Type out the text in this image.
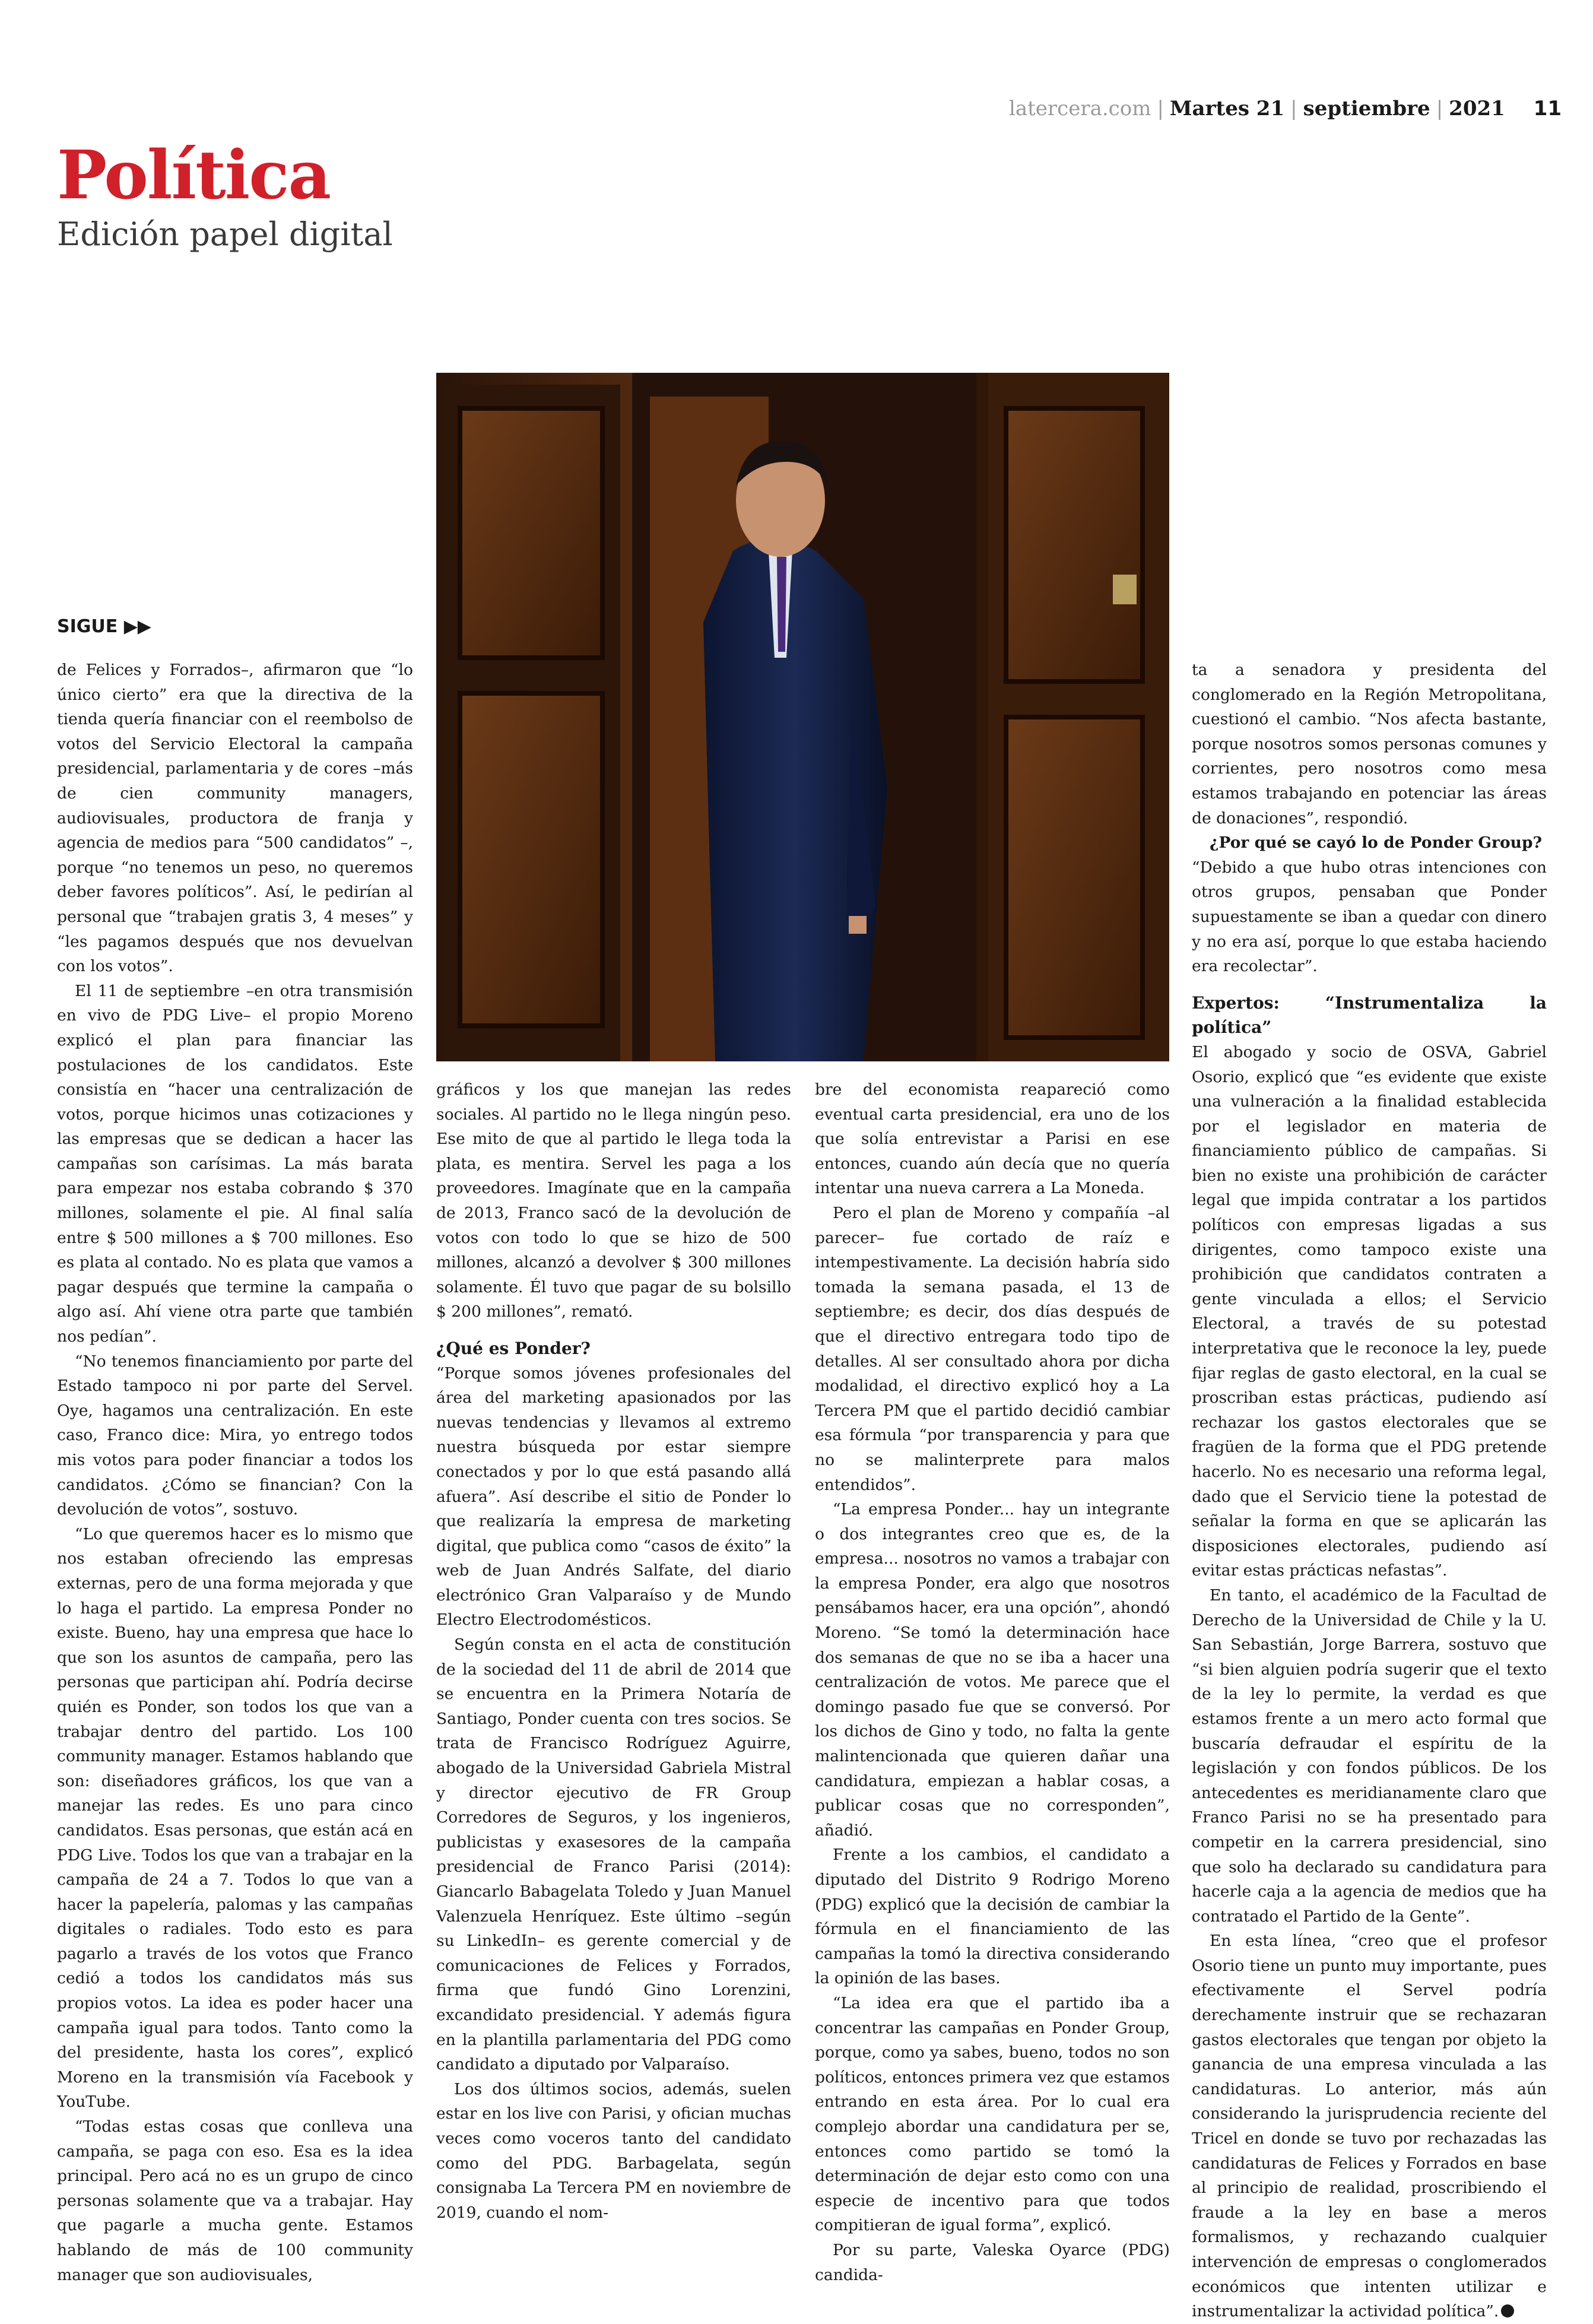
latercera.com | Martes 21 | septiembre | 2021 11
Política
Edición papel digital
SIGUE ▶▶

de Felices y Forrados–, afirmaron que “lo único cierto” era que la directiva de la tienda quería financiar con el reembolso de votos del Servicio Electoral la campaña presidencial, parlamentaria y de cores –más de cien community managers, audiovisuales, productora de franja y agencia de medios para “500 candidatos” –, porque “no tenemos un peso, no queremos deber favores políticos”. Así, le pedirían al personal que “trabajen gratis 3, 4 meses” y “les pagamos después que nos devuelvan con los votos”.

El 11 de septiembre –en otra transmisión en vivo de PDG Live– el propio Moreno explicó el plan para financiar las postulaciones de los candidatos. Este consistía en “hacer una centralización de votos, porque hicimos unas cotizaciones y las empresas que se dedican a hacer las campañas son carísimas. La más barata para empezar nos estaba cobrando $ 370 millones, solamente el pie. Al final salía entre $ 500 millones a $ 700 millones. Eso es plata al contado. No es plata que vamos a pagar después que termine la campaña o algo así. Ahí viene otra parte que también nos pedían”.

“No tenemos financiamiento por parte del Estado tampoco ni por parte del Servel. Oye, hagamos una centralización. En este caso, Franco dice: Mira, yo entrego todos mis votos para poder financiar a todos los candidatos. ¿Cómo se financian? Con la devolución de votos”, sostuvo.

“Lo que queremos hacer es lo mismo que nos estaban ofreciendo las empresas externas, pero de una forma mejorada y que lo haga el partido. La empresa Ponder no existe. Bueno, hay una empresa que hace lo que son los asuntos de campaña, pero las personas que participan ahí. Podría decirse quién es Ponder, son todos los que van a trabajar dentro del partido. Los 100 community manager. Estamos hablando que son: diseñadores gráficos, los que van a manejar las redes. Es uno para cinco candidatos. Esas personas, que están acá en PDG Live. Todos los que van a trabajar en la campaña de 24 a 7. Todos lo que van a hacer la papelería, palomas y las campañas digitales o radiales. Todo esto es para pagarlo a través de los votos que Franco cedió a todos los candidatos más sus propios votos. La idea es poder hacer una campaña igual para todos. Tanto como la del presidente, hasta los cores”, explicó Moreno en la transmisión vía Facebook y YouTube.

“Todas estas cosas que conlleva una campaña, se paga con eso. Esa es la idea principal. Pero acá no es un grupo de cinco personas solamente que va a trabajar. Hay que pagarle a mucha gente. Estamos hablando de más de 100 community manager que son audiovisuales,

gráficos y los que manejan las redes sociales. Al partido no le llega ningún peso. Ese mito de que al partido le llega toda la plata, es mentira. Servel les paga a los proveedores. Imagínate que en la campaña de 2013, Franco sacó de la devolución de votos con todo lo que se hizo de 500 millones, alcanzó a devolver $ 300 millones solamente. Él tuvo que pagar de su bolsillo $ 200 millones”, remató.

¿Qué es Ponder?

“Porque somos jóvenes profesionales del área del marketing apasionados por las nuevas tendencias y llevamos al extremo nuestra búsqueda por estar siempre conectados y por lo que está pasando allá afuera”. Así describe el sitio de Ponder lo que realizaría la empresa de marketing digital, que publica como “casos de éxito” la web de Juan Andrés Salfate, del diario electrónico Gran Valparaíso y de Mundo Electro Electrodomésticos.

Según consta en el acta de constitución de la sociedad del 11 de abril de 2014 que se encuentra en la Primera Notaría de Santiago, Ponder cuenta con tres socios. Se trata de Francisco Rodríguez Aguirre, abogado de la Universidad Gabriela Mistral y director ejecutivo de FR Group Corredores de Seguros, y los ingenieros, publicistas y exasesores de la campaña presidencial de Franco Parisi (2014): Giancarlo Babagelata Toledo y Juan Manuel Valenzuela Henríquez. Este último –según su LinkedIn– es gerente comercial y de comunicaciones de Felices y Forrados, firma que fundó Gino Lorenzini, excandidato presidencial. Y además figura en la plantilla parlamentaria del PDG como candidato a diputado por Valparaíso.

Los dos últimos socios, además, suelen estar en los live con Parisi, y ofician muchas veces como voceros tanto del candidato como del PDG. Barbagelata, según consignaba La Tercera PM en noviembre de 2019, cuando el nom-

bre del economista reapareció como eventual carta presidencial, era uno de los que solía entrevistar a Parisi en ese entonces, cuando aún decía que no quería intentar una nueva carrera a La Moneda.

Pero el plan de Moreno y compañía –al parecer– fue cortado de raíz e intempestivamente. La decisión habría sido tomada la semana pasada, el 13 de septiembre; es decir, dos días después de que el directivo entregara todo tipo de detalles. Al ser consultado ahora por dicha modalidad, el directivo explicó hoy a La Tercera PM que el partido decidió cambiar esa fórmula “por transparencia y para que no se malinterprete para malos entendidos”.

“La empresa Ponder... hay un integrante o dos integrantes creo que es, de la empresa... nosotros no vamos a trabajar con la empresa Ponder, era algo que nosotros pensábamos hacer, era una opción”, ahondó Moreno. “Se tomó la determinación hace dos semanas de que no se iba a hacer una centralización de votos. Me parece que el domingo pasado fue que se conversó. Por los dichos de Gino y todo, no falta la gente malintencionada que quieren dañar una candidatura, empiezan a hablar cosas, a publicar cosas que no corresponden”, añadió.

Frente a los cambios, el candidato a diputado del Distrito 9 Rodrigo Moreno (PDG) explicó que la decisión de cambiar la fórmula en el financiamiento de las campañas la tomó la directiva considerando la opinión de las bases.

“La idea era que el partido iba a concentrar las campañas en Ponder Group, porque, como ya sabes, bueno, todos no son políticos, entonces primera vez que estamos entrando en esta área. Por lo cual era complejo abordar una candidatura per se, entonces como partido se tomó la determinación de dejar esto como con una especie de incentivo para que todos compitieran de igual forma”, explicó.

Por su parte, Valeska Oyarce (PDG) candida-

ta a senadora y presidenta del conglomerado en la Región Metropolitana, cuestionó el cambio. “Nos afecta bastante, porque nosotros somos personas comunes y corrientes, pero nosotros como mesa estamos trabajando en potenciar las áreas de donaciones”, respondió.

¿Por qué se cayó lo de Ponder Group?

“Debido a que hubo otras intenciones con otros grupos, pensaban que Ponder supuestamente se iban a quedar con dinero y no era así, porque lo que estaba haciendo era recolectar”.

Expertos: “Instrumentaliza la política”

El abogado y socio de OSVA, Gabriel Osorio, explicó que “es evidente que existe una vulneración a la finalidad establecida por el legislador en materia de financiamiento público de campañas. Si bien no existe una prohibición de carácter legal que impida contratar a los partidos políticos con empresas ligadas a sus dirigentes, como tampoco existe una prohibición que candidatos contraten a gente vinculada a ellos; el Servicio Electoral, a través de su potestad interpretativa que le reconoce la ley, puede fijar reglas de gasto electoral, en la cual se proscriban estas prácticas, pudiendo así rechazar los gastos electorales que se fragüen de la forma que el PDG pretende hacerlo. No es necesario una reforma legal, dado que el Servicio tiene la potestad de señalar la forma en que se aplicarán las disposiciones electorales, pudiendo así evitar estas prácticas nefastas”.

En tanto, el académico de la Facultad de Derecho de la Universidad de Chile y la U. San Sebastián, Jorge Barrera, sostuvo que “si bien alguien podría sugerir que el texto de la ley lo permite, la verdad es que estamos frente a un mero acto formal que buscaría defraudar el espíritu de la legislación y con fondos públicos. De los antecedentes es meridianamente claro que Franco Parisi no se ha presentado para competir en la carrera presidencial, sino que solo ha declarado su candidatura para hacerle caja a la agencia de medios que ha contratado el Partido de la Gente”.

En esta línea, “creo que el profesor Osorio tiene un punto muy importante, pues efectivamente el Servel podría derechamente instruir que se rechazaran gastos electorales que tengan por objeto la ganancia de una empresa vinculada a las candidaturas. Lo anterior, más aún considerando la jurisprudencia reciente del Tricel en donde se tuvo por rechazadas las candidaturas de Felices y Forrados en base al principio de realidad, proscribiendo el fraude a la ley en base a meros formalismos, y rechazando cualquier intervención de empresas o conglomerados económicos que intenten utilizar e instrumentalizar la actividad política”.
